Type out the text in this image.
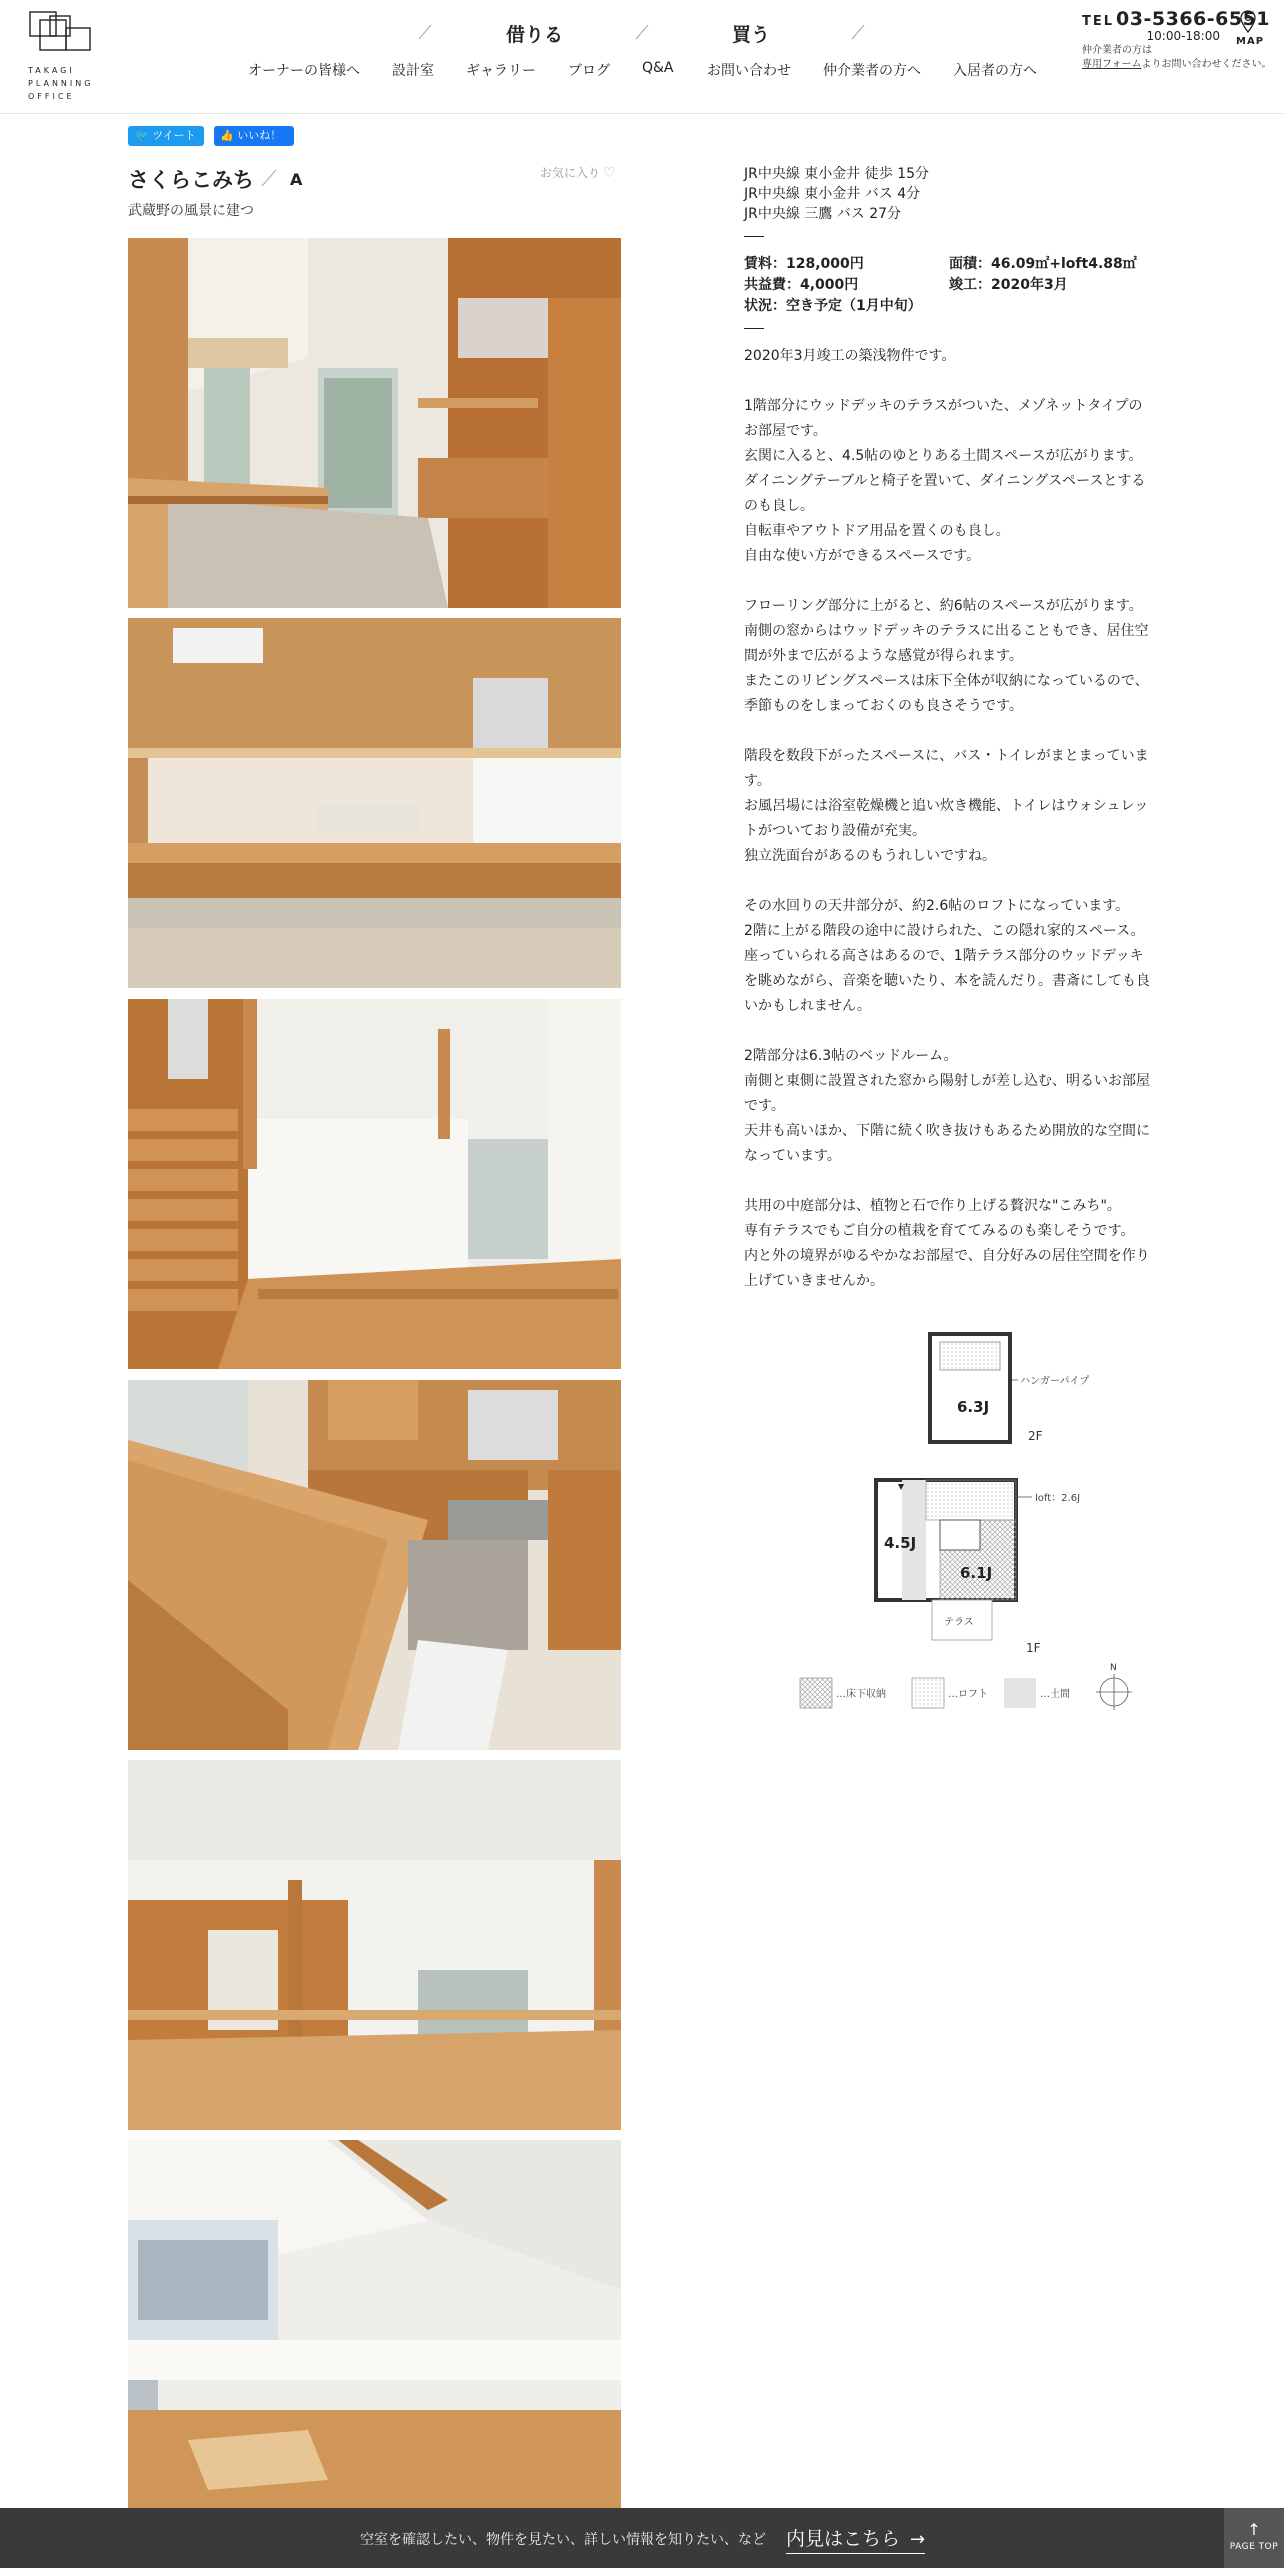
TAKAGI
PLANNING
OFFICE
借りる	買う
オーナーの皆様へ 設計室 ギャラリー ブログ Q&A お問い合わせ 仲介業者の方へ 入居者の方へ
TEL 03-5366-6551
10:00-18:00
仲介業者の方は
専用フォームよりお問い合わせください。
MAP
🐦 ツイート	👍 いいね！
さくらこみち A
武蔵野の風景に建つ
お気に入り ♡	JR中央線 東小金井 徒歩 15分
JR中央線 東小金井 バス 4分
JR中央線 三鷹 バス 27分
賃料：128,000円	面積：46.09㎡+loft4.88㎡
共益費：4,000円	竣工：2020年3月
状況：空き予定（1月中旬）

2020年3月竣工の築浅物件です。

1階部分にウッドデッキのテラスがついた、メゾネットタイプのお部屋です。
玄関に入ると、4.5帖のゆとりある土間スペースが広がります。
ダイニングテーブルと椅子を置いて、ダイニングスペースとするのも良し。
自転車やアウトドア用品を置くのも良し。
自由な使い方ができるスペースです。

フローリング部分に上がると、約6帖のスペースが広がります。
南側の窓からはウッドデッキのテラスに出ることもでき、居住空間が外まで広がるような感覚が得られます。
またこのリビングスペースは床下全体が収納になっているので、季節ものをしまっておくのも良さそうです。

階段を数段下がったスペースに、バス・トイレがまとまっています。
お風呂場には浴室乾燥機と追い炊き機能、トイレはウォシュレットがついており設備が充実。
独立洗面台があるのもうれしいですね。

その水回りの天井部分が、約2.6帖のロフトになっています。
2階に上がる階段の途中に設けられた、この隠れ家的スペース。
座っていられる高さはあるので、1階テラス部分のウッドデッキを眺めながら、音楽を聴いたり、本を読んだり。書斎にしても良いかもしれません。

2階部分は6.3帖のベッドルーム。
南側と東側に設置された窓から陽射しが差し込む、明るいお部屋です。
天井も高いほか、下階に続く吹き抜けもあるため開放的な空間になっています。

共用の中庭部分は、植物と石で作り上げる贅沢な"こみち"。
専有テラスでもご自分の植栽を育ててみるのも楽しそうです。
内と外の境界がゆるやかなお部屋で、自分好みの居住空間を作り上げていきませんか。

6.3J
ハンガーパイプ
2F
loft：2.6J
4.5J
6.1J
テラス
1F
…床下収納	…ロフト	…土間
N
空室を確認したい、物件を見たい、詳しい情報を知りたい、など 内見はこちら →	↑
PAGE TOP
